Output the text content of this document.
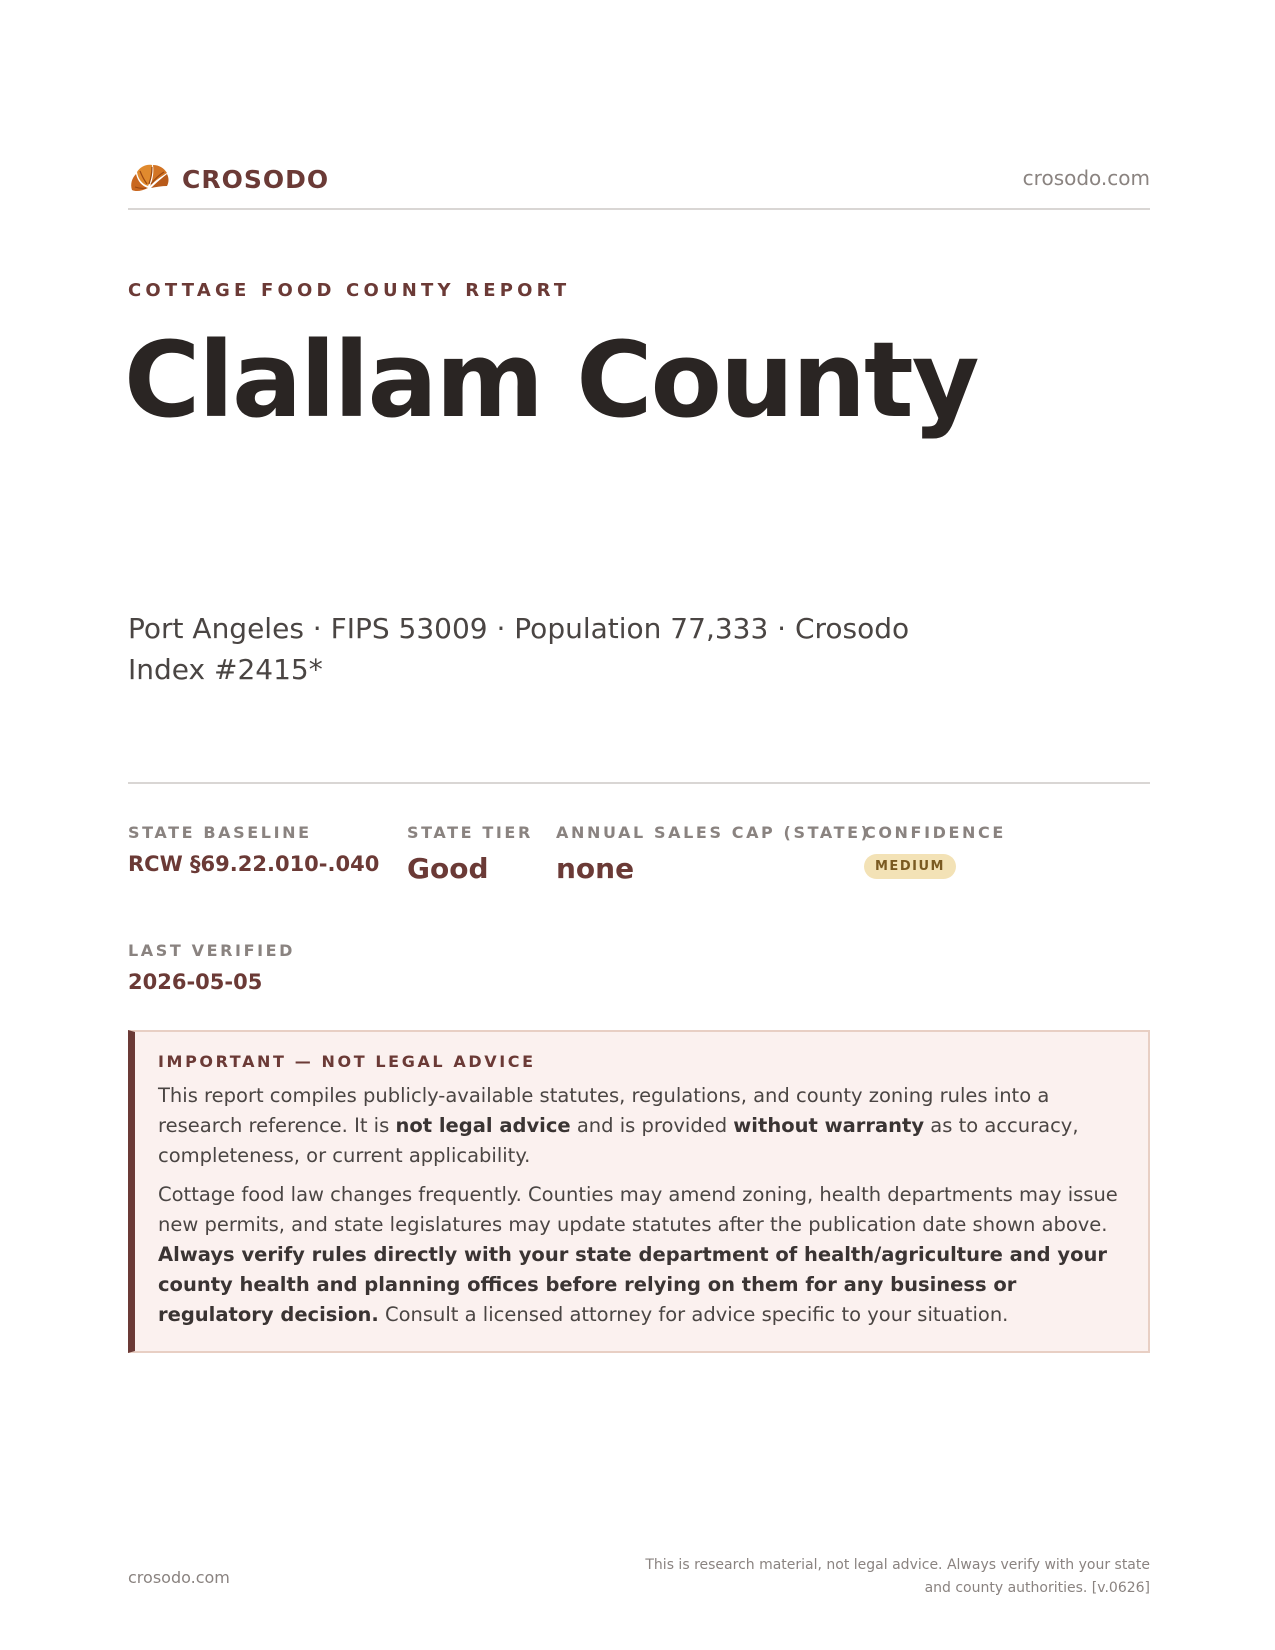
CROSODO	crosodo.com
COTTAGE FOOD COUNTY REPORT
Clallam County
Port Angeles · FIPS 53009 · Population 77,333 · Crosodo Index #2415*
STATE BASELINE
RCW §69.22.010-.040
STATE TIER
Good
ANNUAL SALES CAP (STATE)
none
CONFIDENCE
MEDIUM
LAST VERIFIED
2026-05-05
IMPORTANT — NOT LEGAL ADVICE

This report compiles publicly-available statutes, regulations, and county zoning rules into a research reference. It is not legal advice and is provided without warranty as to accuracy, completeness, or current applicability.

Cottage food law changes frequently. Counties may amend zoning, health departments may issue new permits, and state legislatures may update statutes after the publication date shown above. Always verify rules directly with your state department of health/agriculture and your county health and planning offices before relying on them for any business or regulatory decision. Consult a licensed attorney for advice specific to your situation.

crosodo.com
This is research material, not legal advice. Always verify with your state and county authorities. [v.0626]
